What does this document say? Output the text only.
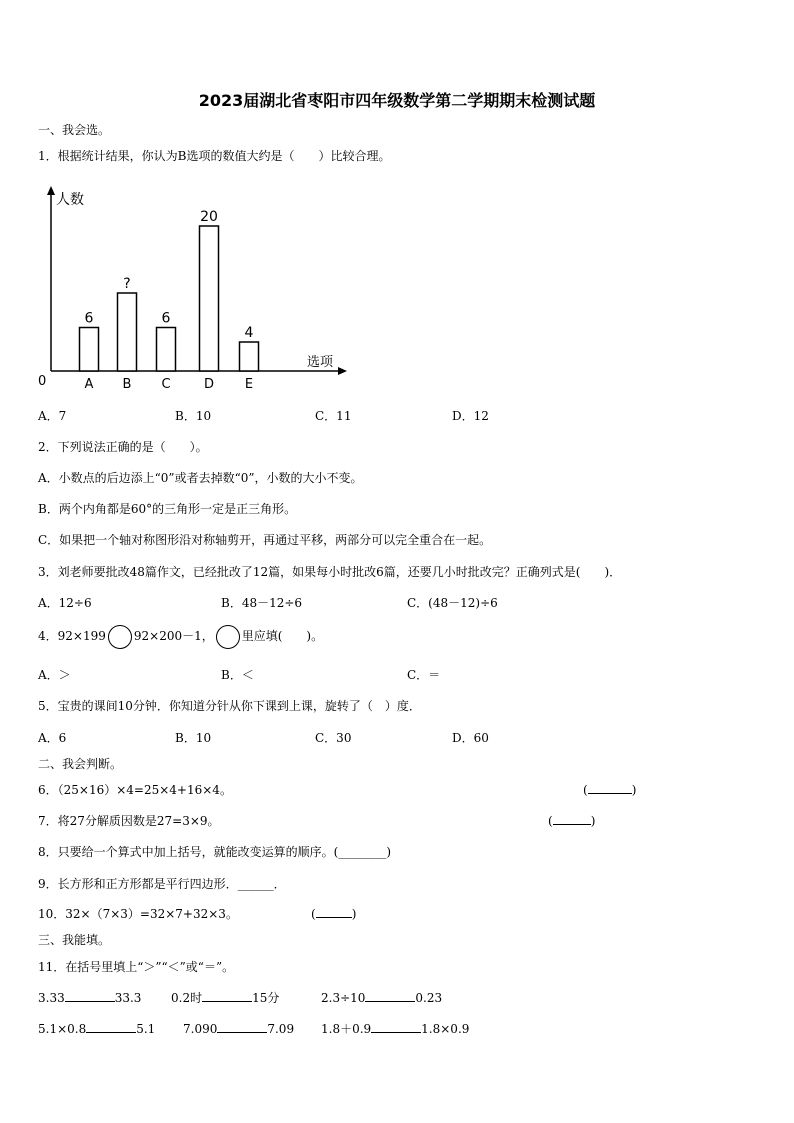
2023届湖北省枣阳市四年级数学第二学期期末检测试题
一、我会选。
1．根据统计结果，你认为B选项的数值大约是（　　）比较合理。
人数
选项
0
6
A
?
B
6
C
20
D
4
E
A．7	B．10	C．11	D．12
2．下列说法正确的是（　　）。
A．小数点的后边添上“0”或者去掉数“0”，小数的大小不变。
B．两个内角都是60°的三角形一定是正三角形。
C．如果把一个轴对称图形沿对称轴剪开，再通过平移，两部分可以完全重合在一起。
3．刘老师要批改48篇作文，已经批改了12篇，如果每小时批改6篇，还要几小时批改完？正确列式是(　　)．
A．12÷6	B．48－12÷6	C．(48－12)÷6
4．92×199 92×200－1， 里应填(　　)。
A．＞	B．＜	C．＝
5．宝贵的课间10分钟．你知道分针从你下课到上课，旋转了（　）度．
A．6	B．10	C．30	D．60
二、我会判断。
6．（25×16）×4=25×4+16×4。	(	)
7．将27分解质因数是27=3×9。	(	)
8．只要给一个算式中加上括号，就能改变运算的顺序。(________)
9．长方形和正方形都是平行四边形．______．
10．32×（7×3）=32×7+32×3。	(	)
三、我能填。
11．在括号里填上“＞”“＜”或“＝”。
3.33	33.3 0.2时	15分	2.3÷10	0.23
5.1×0.8	5.1 7.090	7.09 1.8＋0.9	1.8×0.9
